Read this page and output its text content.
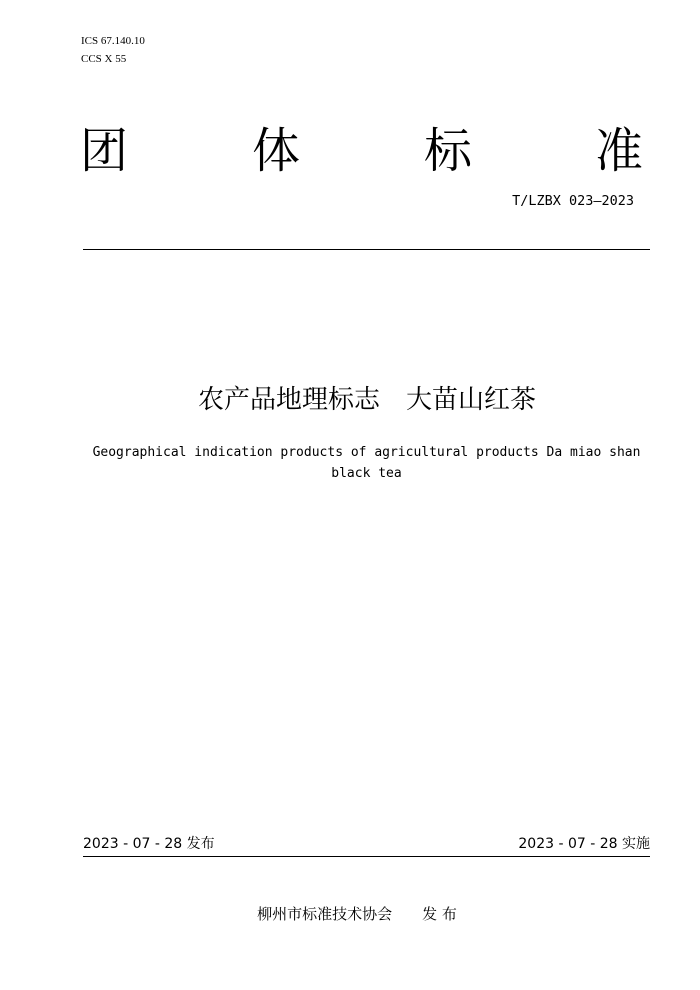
ICS 67.140.10
CCS X 55
团	体	标	准
T/LZBX 023—2023
农产品地理标志　大苗山红茶
Geographical indication products of agricultural products Da miao shan black tea
2023 - 07 - 28 发布	2023 - 07 - 28 实施
柳州市标准技术协会　　发 布
